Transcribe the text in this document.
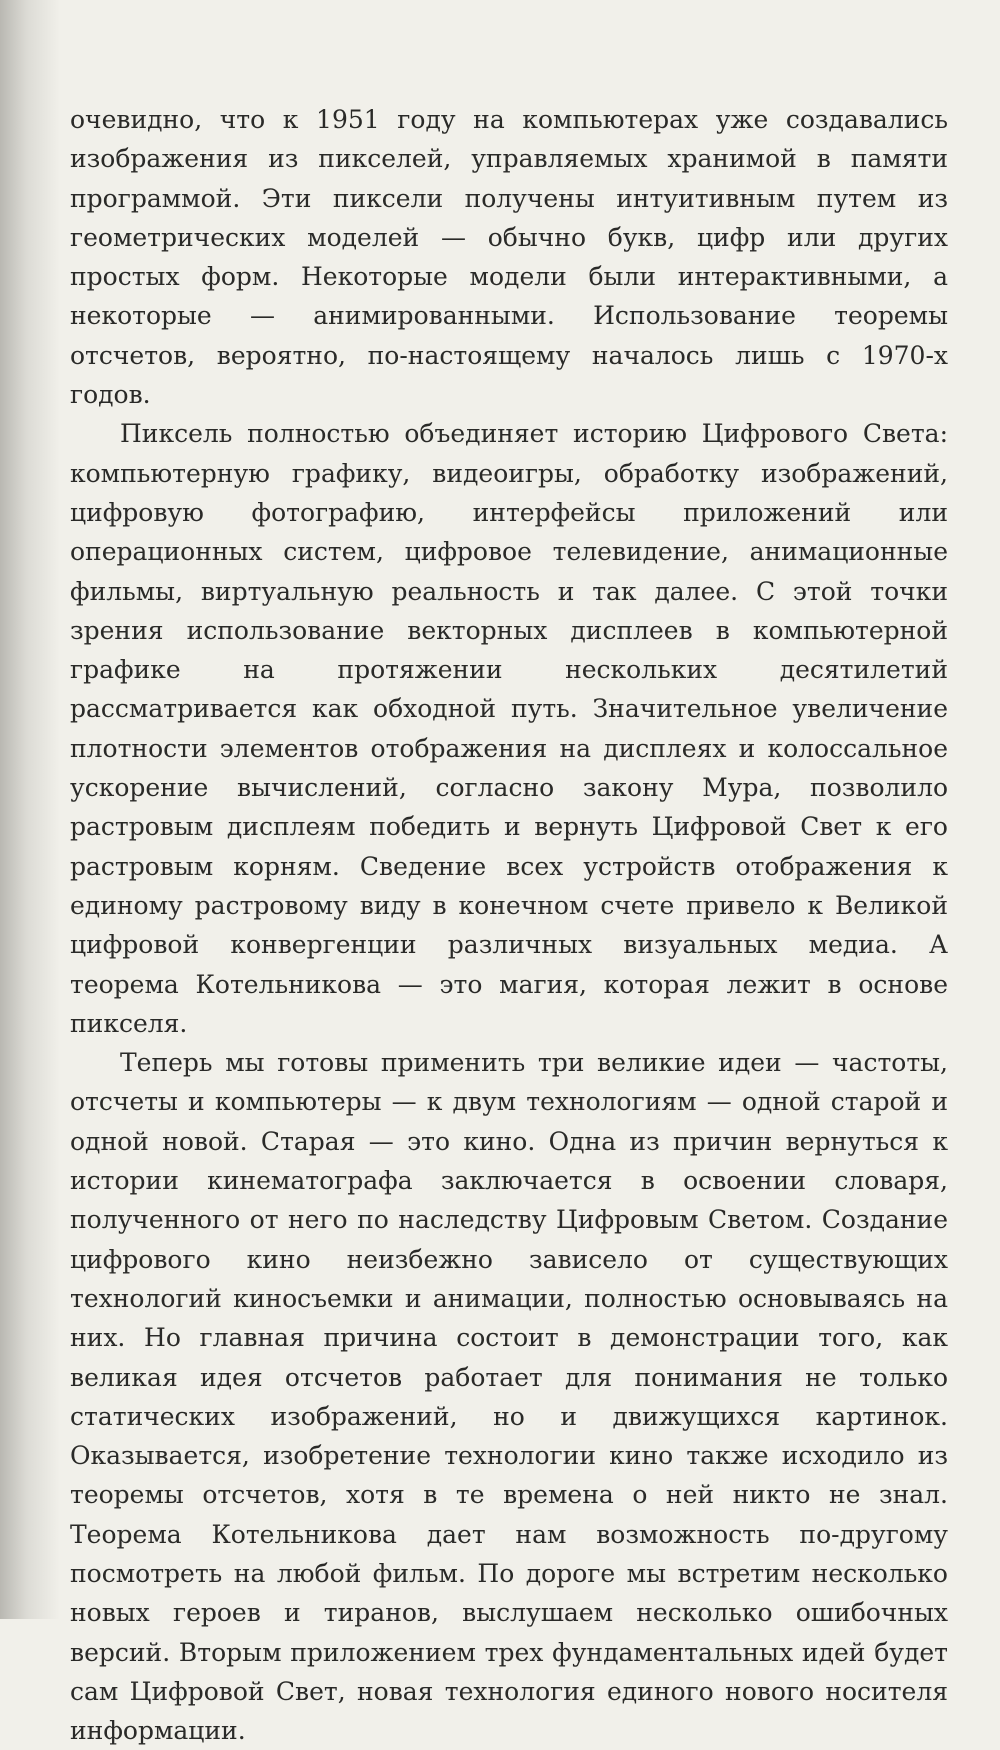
очевидно, что к 1951 году на компьютерах уже создавались изображения из пикселей, управляемых хранимой в памяти программой. Эти пиксели получены интуитивным путем из геометрических моделей — обычно букв, цифр или других простых форм. Некоторые модели были интерактивными, а некоторые — анимированными. Использование теоремы отсчетов, вероятно, по-настоящему началось лишь с 1970-х годов.

Пиксель полностью объединяет историю Цифрового Света: компьютерную графику, видеоигры, обработку изображений, цифровую фотографию, интерфейсы приложений или операционных систем, цифровое телевидение, анимационные фильмы, виртуальную реальность и так далее. С этой точки зрения использование векторных дисплеев в компьютерной графике на протяжении нескольких десятилетий рассматривается как обходной путь. Значительное увеличение плотности элементов отображения на дисплеях и колоссальное ускорение вычислений, согласно закону Мура, позволило растровым дисплеям победить и вернуть Цифровой Свет к его растровым корням. Сведение всех устройств отображения к единому растровому виду в конечном счете привело к Великой цифровой конвергенции различных визуальных медиа. А теорема Котельникова — это магия, которая лежит в основе пикселя.

Теперь мы готовы применить три великие идеи — частоты, отсчеты и компьютеры — к двум технологиям — одной старой и одной новой. Старая — это кино. Одна из причин вернуться к истории кинематографа заключается в освоении словаря, полученного от него по наследству Цифровым Светом. Создание цифрового кино неизбежно зависело от существующих технологий киносъемки и анимации, полностью основываясь на них. Но главная причина состоит в демонстрации того, как великая идея отсчетов работает для понимания не только статических изображений, но и движущихся картинок. Оказывается, изобретение технологии кино также исходило из теоремы отсчетов, хотя в те времена о ней никто не знал. Теорема Котельникова дает нам возможность по-другому посмотреть на любой фильм. По дороге мы встретим несколько новых героев и тиранов, выслушаем несколько ошибочных версий. Вторым приложением трех фундаментальных идей будет сам Цифровой Свет, новая технология единого нового носителя информации.
